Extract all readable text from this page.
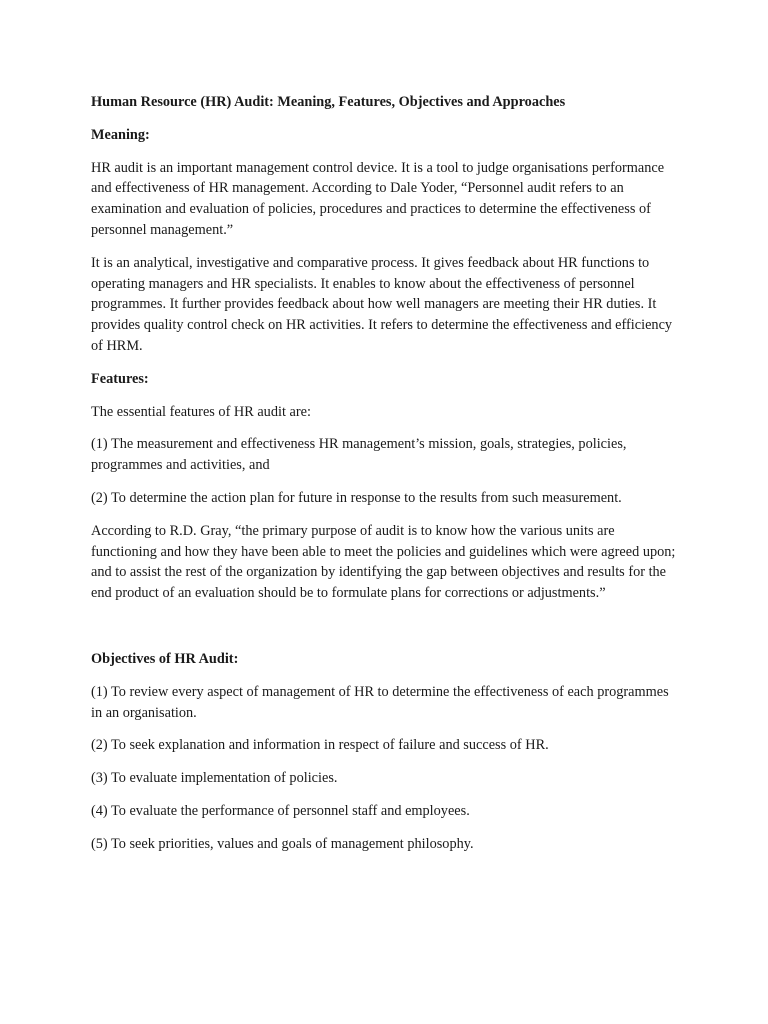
Human Resource (HR) Audit: Meaning, Features, Objectives and Approaches
Meaning:

HR audit is an important management control device. It is a tool to judge organisations performance and effectiveness of HR management. According to Dale Yoder, “Personnel audit refers to an examination and evaluation of policies, procedures and practices to determine the effectiveness of personnel management.”

It is an analytical, investigative and comparative process. It gives feedback about HR functions to operating managers and HR specialists. It enables to know about the effectiveness of personnel programmes. It further provides feedback about how well managers are meeting their HR duties. It provides quality control check on HR activities. It refers to determine the effectiveness and efficiency of HRM.

Features:

The essential features of HR audit are:

(1) The measurement and effectiveness HR management’s mission, goals, strategies, policies, programmes and activities, and

(2) To determine the action plan for future in response to the results from such measurement.

According to R.D. Gray, “the primary purpose of audit is to know how the various units are functioning and how they have been able to meet the policies and guidelines which were agreed upon; and to assist the rest of the organization by identifying the gap between objectives and results for the end product of an evaluation should be to formulate plans for corrections or adjustments.”

Objectives of HR Audit:

(1) To review every aspect of management of HR to determine the effectiveness of each programmes in an organisation.

(2) To seek explanation and information in respect of failure and success of HR.

(3) To evaluate implementation of policies.

(4) To evaluate the performance of personnel staff and employees.

(5) To seek priorities, values and goals of management philosophy.
